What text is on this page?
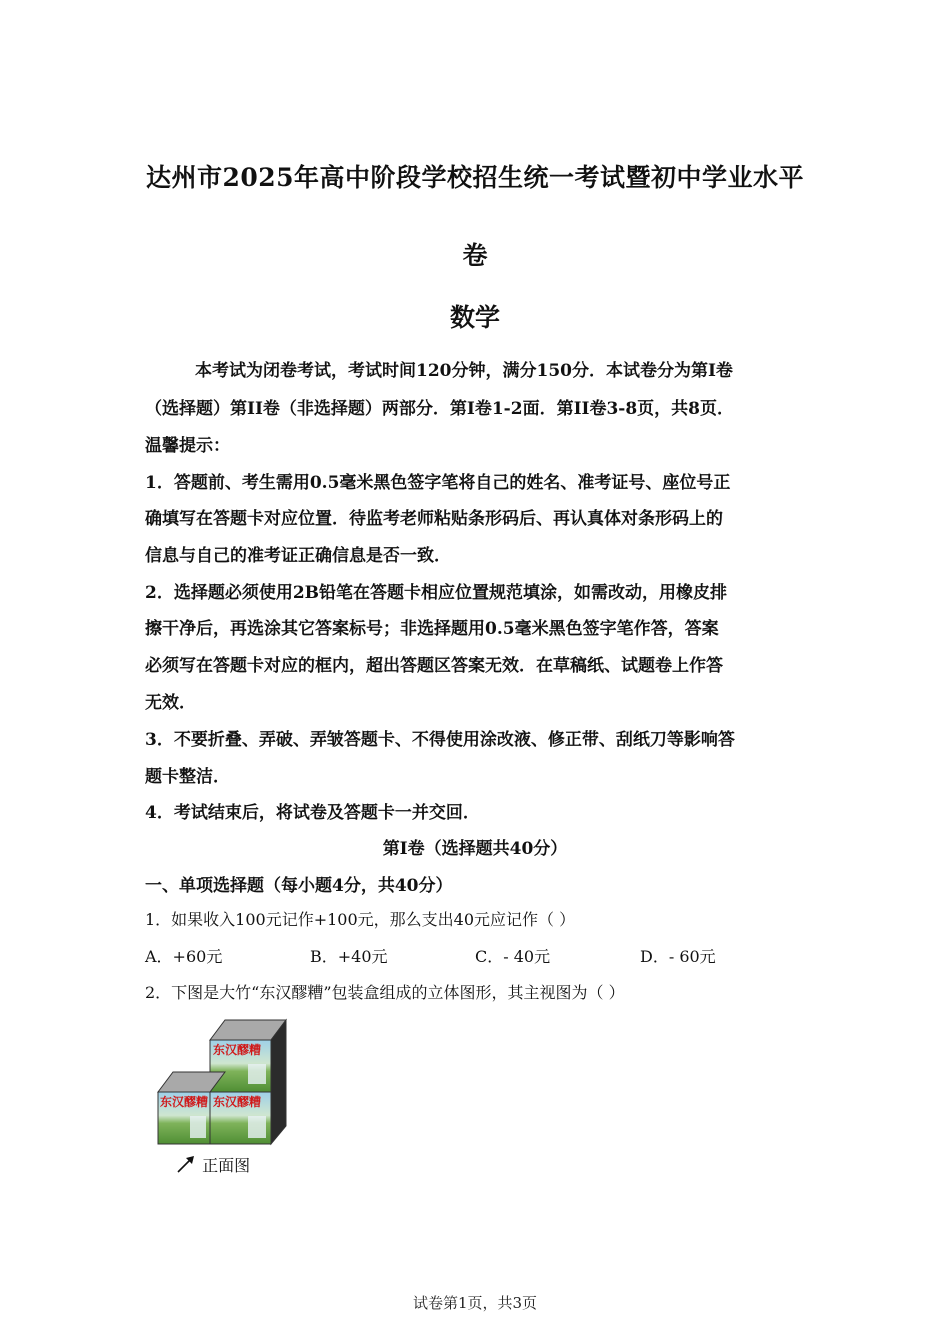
达州市2025年高中阶段学校招生统一考试暨初中学业水平
卷
数学
本考试为闭卷考试，考试时间120分钟，满分150分．本试卷分为第I卷
（选择题）第II卷（非选择题）两部分．第I卷1-2面．第II卷3-8页，共8页．
温馨提示：
1．答题前、考生需用0.5毫米黑色签字笔将自己的姓名、准考证号、座位号正
确填写在答题卡对应位置．待监考老师粘贴条形码后、再认真体对条形码上的
信息与自己的准考证正确信息是否一致．
2．选择题必须使用2B铅笔在答题卡相应位置规范填涂，如需改动，用橡皮排
擦干净后，再选涂其它答案标号；非选择题用0.5毫米黑色签字笔作答，答案
必须写在答题卡对应的框内，超出答题区答案无效．在草稿纸、试题卷上作答
无效．
3．不要折叠、弄破、弄皱答题卡、不得使用涂改液、修正带、刮纸刀等影响答
题卡整洁．
4．考试结束后，将试卷及答题卡一并交回．
第I卷（选择题共40分）
一、单项选择题（每小题4分，共40分）
1．如果收入100元记作+100元，那么支出40元应记作（ ）
A．+60元	B．+40元	C．- 40元	D．- 60元
2．下图是大竹“东汉醪糟”包装盒组成的立体图形，其主视图为（ ）
东汉醪糟
东汉醪糟 东汉醪糟
正面图
试卷第1页，共3页
